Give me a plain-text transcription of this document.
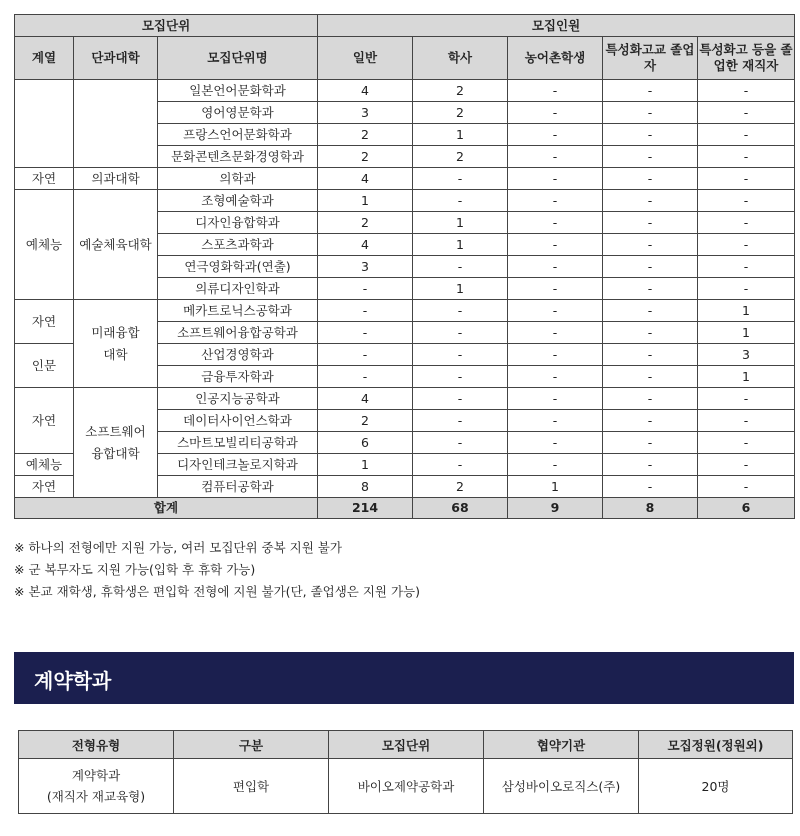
모집단위			모집인원				
계열	단과대학	모집단위명	일반	학사	농어촌학생	특성화고교 졸업자	특성화고 등을 졸업한 재직자
		일본언어문화학과	4	2	-	-	-
		영어영문학과	3	2	-	-	-
		프랑스언어문화학과	2	1	-	-	-
		문화콘텐츠문화경영학과	2	2	-	-	-
자연	의과대학	의학과	4	-	-	-	-
예체능	예술체육대학	조형예술학과	1	-	-	-	-
		디자인융합학과	2	1	-	-	-
		스포츠과학과	4	1	-	-	-
		연극영화학과(연출)	3	-	-	-	-
		의류디자인학과	-	1	-	-	-
자연	미래융합 대학	메카트로닉스공학과	-	-	-	-	1
		소프트웨어융합공학과	-	-	-	-	1
인문		산업경영학과	-	-	-	-	3
		금융투자학과	-	-	-	-	1
자연	소프트웨어 융합대학	인공지능공학과	4	-	-	-	-
		데이터사이언스학과	2	-	-	-	-
		스마트모빌리티공학과	6	-	-	-	-
예체능		디자인테크놀로지학과	1	-	-	-	-
자연		컴퓨터공학과	8	2	1	-	-
합계			214	68	9	8	6
※ 하나의 전형에만 지원 가능, 여러 모집단위 중복 지원 불가
※ 군 복무자도 지원 가능(입학 후 휴학 가능)
※ 본교 재학생, 휴학생은 편입학 전형에 지원 불가(단, 졸업생은 지원 가능)
계약학과
전형유형	구분	모집단위	협약기관	모집정원(정원외)

계약학과
(재직자 재교육형)	편입학	바이오제약공학과	삼성바이오로직스(주)	20명
